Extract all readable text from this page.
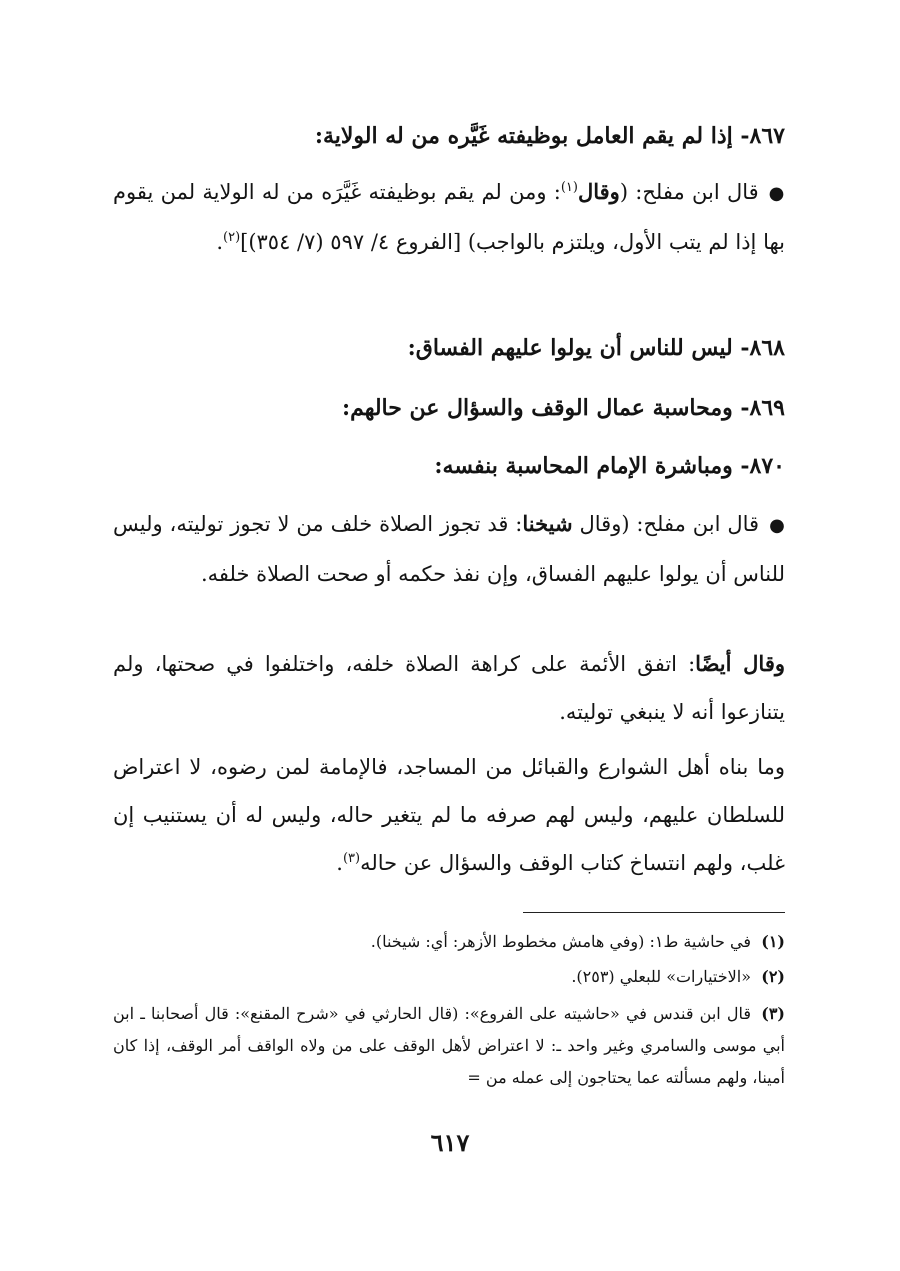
٨٦٧- إذا لم يقم العامل بوظيفته غَيَّره من له الولاية:
●قال ابن مفلح: (وقال$^{(١)}$: ومن لم يقم بوظيفته غَيَّرَه من له الولاية لمن يقوم بها إذا لم يتب الأول، ويلتزم بالواجب) [الفروع ٤/ ٥٩٧ (٧/ ٣٥٤)]$^{(٢)}$.
٨٦٨- ليس للناس أن يولوا عليهم الفساق:
٨٦٩- ومحاسبة عمال الوقف والسؤال عن حالهم:
٨٧٠- ومباشرة الإمام المحاسبة بنفسه:
●قال ابن مفلح: (وقال شيخنا: قد تجوز الصلاة خلف من لا تجوز توليته، وليس للناس أن يولوا عليهم الفساق، وإن نفذ حكمه أو صحت الصلاة خلفه.
وقال أيضًا: اتفق الأئمة على كراهة الصلاة خلفه، واختلفوا في صحتها، ولم يتنازعوا أنه لا ينبغي توليته.
وما بناه أهل الشوارع والقبائل من المساجد، فالإمامة لمن رضوه، لا اعتراض للسلطان عليهم، وليس لهم صرفه ما لم يتغير حاله، وليس له أن يستنيب إن غلب، ولهم انتساخ كتاب الوقف والسؤال عن حاله$^{(٣)}$.
(١)في حاشية ط١: (وفي هامش مخطوط الأزهر: أي: شيخنا).
(٢)«الاختيارات» للبعلي (٢٥٣).
(٣)قال ابن قندس في «حاشيته على الفروع»: (قال الحارثي في «شرح المقنع»: قال أصحابنا ـ ابن أبي موسى والسامري وغير واحد ـ: لا اعتراض لأهل الوقف على من ولاه الواقف أمر الوقف، إذا كان أمينا، ولهم مسألته عما يحتاجون إلى عمله من =
٦١٧
